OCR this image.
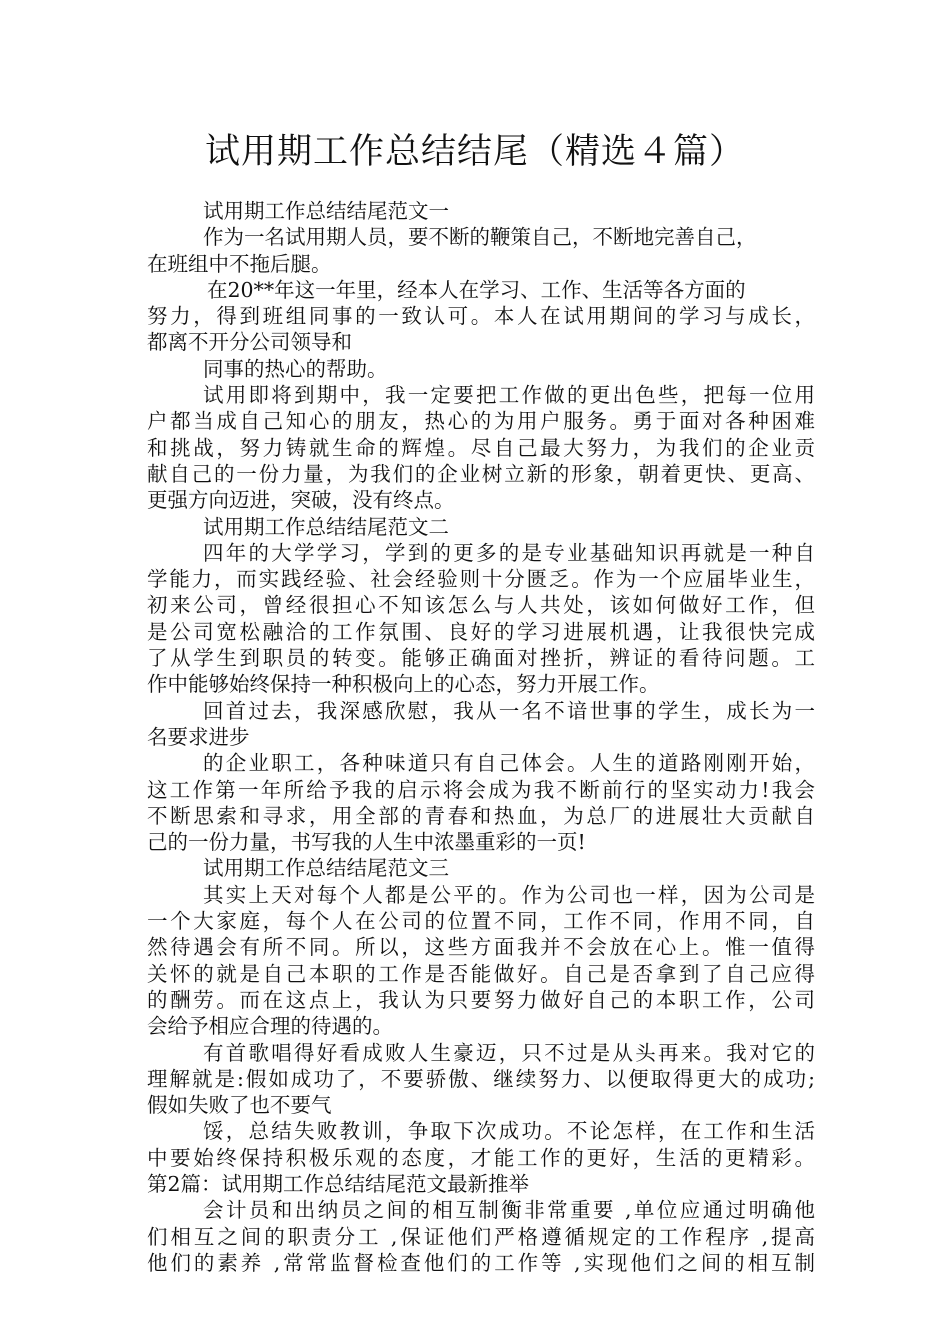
试用期工作总结结尾（精选４篇）
试用期工作总结结尾范文一
作为一名试用期人员，要不断的鞭策自己，不断地完善自己，
在班组中不拖后腿。
在20**年这一年里，经本人在学习、工作、生活等各方面的
努力，得到班组同事的一致认可。本人在试用期间的学习与成长，
都离不开分公司领导和
同事的热心的帮助。
试用即将到期中，我一定要把工作做的更出色些，把每一位用
户都当成自己知心的朋友，热心的为用户服务。勇于面对各种困难
和挑战，努力铸就生命的辉煌。尽自己最大努力，为我们的企业贡
献自己的一份力量，为我们的企业树立新的形象，朝着更快、更高、
更强方向迈进，突破，没有终点。
试用期工作总结结尾范文二
四年的大学学习，学到的更多的是专业基础知识再就是一种自
学能力，而实践经验、社会经验则十分匮乏。作为一个应届毕业生，
初来公司，曾经很担心不知该怎么与人共处，该如何做好工作，但
是公司宽松融洽的工作氛围、良好的学习进展机遇，让我很快完成
了从学生到职员的转变。能够正确面对挫折，辨证的看待问题。工
作中能够始终保持一种积极向上的心态，努力开展工作。
回首过去，我深感欣慰，我从一名不谙世事的学生，成长为一
名要求进步
的企业职工，各种味道只有自己体会。人生的道路刚刚开始，
这工作第一年所给予我的启示将会成为我不断前行的坚实动力!我会
不断思索和寻求，用全部的青春和热血，为总厂的进展壮大贡献自
己的一份力量，书写我的人生中浓墨重彩的一页!
试用期工作总结结尾范文三
其实上天对每个人都是公平的。作为公司也一样，因为公司是
一个大家庭，每个人在公司的位置不同，工作不同，作用不同，自
然待遇会有所不同。所以，这些方面我并不会放在心上。惟一值得
关怀的就是自己本职的工作是否能做好。自己是否拿到了自己应得
的酬劳。而在这点上，我认为只要努力做好自己的本职工作，公司
会给予相应合理的待遇的。
有首歌唱得好看成败人生豪迈，只不过是从头再来。我对它的
理解就是:假如成功了，不要骄傲、继续努力、以便取得更大的成功;
假如失败了也不要气
馁，总结失败教训，争取下次成功。不论怎样，在工作和生活
中要始终保持积极乐观的态度，才能工作的更好，生活的更精彩。
第2篇：试用期工作总结结尾范文最新推举
会计员和出纳员之间的相互制衡非常重要 ,单位应通过明确他
们相互之间的职责分工 ,保证他们严格遵循规定的工作程序 ,提高
他们的素养 ,常常监督检查他们的工作等 ,实现他们之间的相互制
